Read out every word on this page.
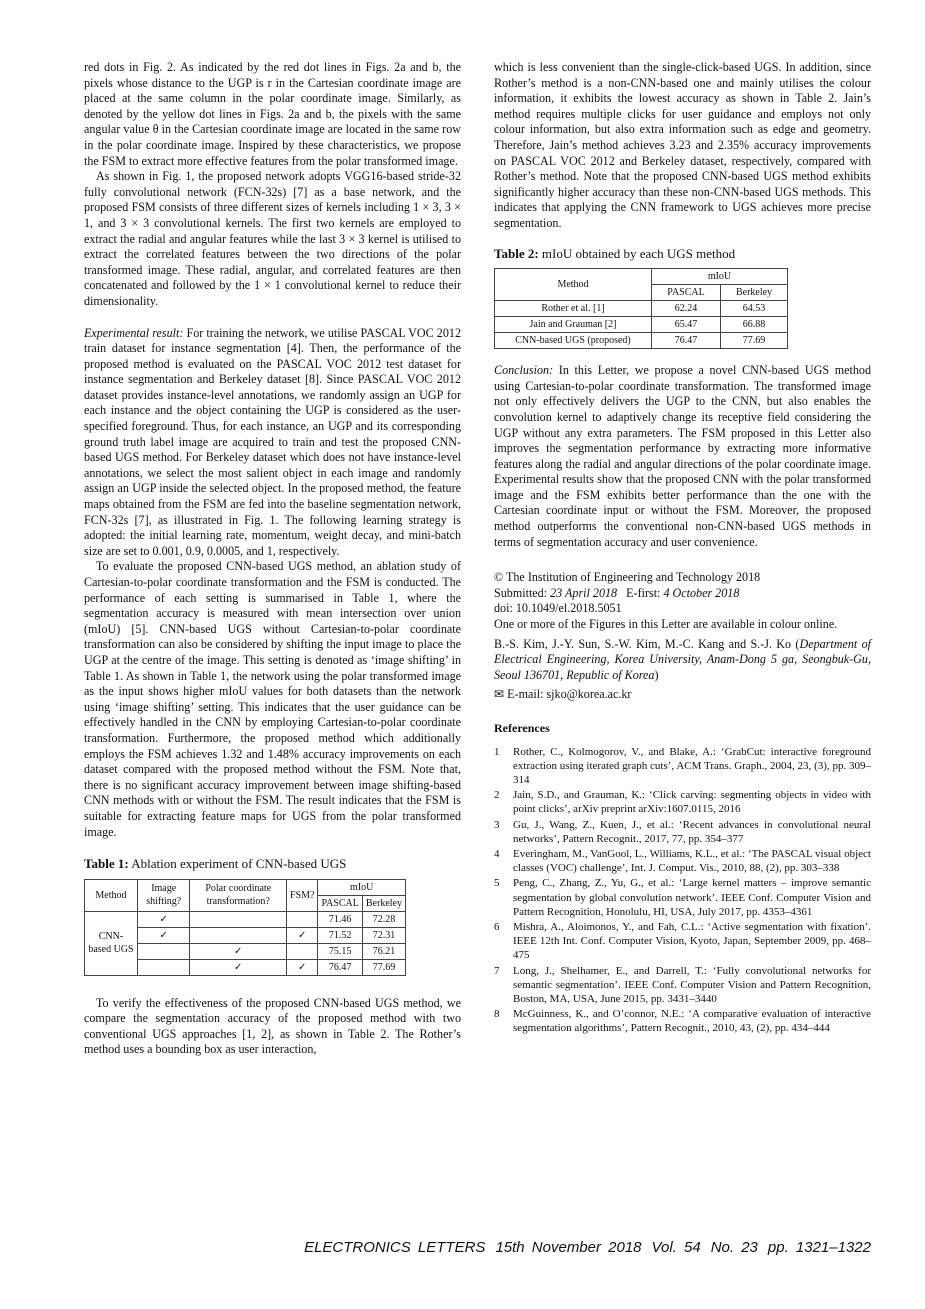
red dots in Fig. 2. As indicated by the red dot lines in Figs. 2a and b, the pixels whose distance to the UGP is r in the Cartesian coordinate image are placed at the same column in the polar coordinate image. Similarly, as denoted by the yellow dot lines in Figs. 2a and b, the pixels with the same angular value θ in the Cartesian coordinate image are located in the same row in the polar coordinate image. Inspired by these characteristics, we propose the FSM to extract more effective features from the polar transformed image.

As shown in Fig. 1, the proposed network adopts VGG16-based stride-32 fully convolutional network (FCN-32s) [7] as a base network, and the proposed FSM consists of three different sizes of kernels including 1 × 3, 3 × 1, and 3 × 3 convolutional kernels. The first two kernels are employed to extract the radial and angular features while the last 3 × 3 kernel is utilised to extract the correlated features between the two directions of the polar transformed image. These radial, angular, and correlated features are then concatenated and followed by the 1 × 1 convolutional kernel to reduce their dimensionality.

Experimental result: For training the network, we utilise PASCAL VOC 2012 train dataset for instance segmentation [4]. Then, the performance of the proposed method is evaluated on the PASCAL VOC 2012 test dataset for instance segmentation and Berkeley dataset [8]. Since PASCAL VOC 2012 dataset provides instance-level annotations, we randomly assign an UGP for each instance and the object containing the UGP is considered as the user-specified foreground. Thus, for each instance, an UGP and its corresponding ground truth label image are acquired to train and test the proposed CNN-based UGS method. For Berkeley dataset which does not have instance-level annotations, we select the most salient object in each image and randomly assign an UGP inside the selected object. In the proposed method, the feature maps obtained from the FSM are fed into the baseline segmentation network, FCN-32s [7], as illustrated in Fig. 1. The following learning strategy is adopted: the initial learning rate, momentum, weight decay, and mini-batch size are set to 0.001, 0.9, 0.0005, and 1, respectively.

To evaluate the proposed CNN-based UGS method, an ablation study of Cartesian-to-polar coordinate transformation and the FSM is conducted. The performance of each setting is summarised in Table 1, where the segmentation accuracy is measured with mean intersection over union (mIoU) [5]. CNN-based UGS without Cartesian-to-polar coordinate transformation can also be considered by shifting the input image to place the UGP at the centre of the image. This setting is denoted as ‘image shifting’ in Table 1. As shown in Table 1, the network using the polar transformed image as the input shows higher mIoU values for both datasets than the network using ‘image shifting’ setting. This indicates that the user guidance can be effectively handled in the CNN by employing Cartesian-to-polar coordinate transformation. Furthermore, the proposed method which additionally employs the FSM achieves 1.32 and 1.48% accuracy improvements on each dataset compared with the proposed method without the FSM. Note that, there is no significant accuracy improvement between image shifting-based CNN methods with or without the FSM. The result indicates that the FSM is suitable for extracting feature maps for UGS from the polar transformed image.

Table 1: Ablation experiment of CNN-based UGS
Method	Image shifting?	Polar coordinate transformation?	FSM?	mIoU	
				PASCAL	Berkeley
CNN-based UGS	✓			71.46	72.28
	✓		✓	71.52	72.31
		✓		75.15	76.21
		✓	✓	76.47	77.69

To verify the effectiveness of the proposed CNN-based UGS method, we compare the segmentation accuracy of the proposed method with two conventional UGS approaches [1, 2], as shown in Table 2. The Rother’s method uses a bounding box as user interaction,

which is less convenient than the single-click-based UGS. In addition, since Rother’s method is a non-CNN-based one and mainly utilises the colour information, it exhibits the lowest accuracy as shown in Table 2. Jain’s method requires multiple clicks for user guidance and employs not only colour information, but also extra information such as edge and geometry. Therefore, Jain’s method achieves 3.23 and 2.35% accuracy improvements on PASCAL VOC 2012 and Berkeley dataset, respectively, compared with Rother’s method. Note that the proposed CNN-based UGS method exhibits significantly higher accuracy than these non-CNN-based UGS methods. This indicates that applying the CNN framework to UGS achieves more precise segmentation.

Table 2: mIoU obtained by each UGS method
Method	mIoU	
	PASCAL	Berkeley
Rother et al. [1]	62.24	64.53
Jain and Grauman [2]	65.47	66.88
CNN-based UGS (proposed)	76.47	77.69

Conclusion: In this Letter, we propose a novel CNN-based UGS method using Cartesian-to-polar coordinate transformation. The transformed image not only effectively delivers the UGP to the CNN, but also enables the convolution kernel to adaptively change its receptive field considering the UGP without any extra parameters. The FSM proposed in this Letter also improves the segmentation performance by extracting more informative features along the radial and angular directions of the polar coordinate image. Experimental results show that the proposed CNN with the polar transformed image and the FSM exhibits better performance than the one with the Cartesian coordinate input or without the FSM. Moreover, the proposed method outperforms the conventional non-CNN-based UGS methods in terms of segmentation accuracy and user convenience.

© The Institution of Engineering and Technology 2018

Submitted: 23 April 2018   E-first: 4 October 2018

doi: 10.1049/el.2018.5051

One or more of the Figures in this Letter are available in colour online.

B.-S. Kim, J.-Y. Sun, S.-W. Kim, M.-C. Kang and S.-J. Ko (Department of Electrical Engineering, Korea University, Anam-Dong 5 ga, Seongbuk-Gu, Seoul 136701, Republic of Korea)

✉ E-mail: sjko@korea.ac.kr

References
1	Rother, C., Kolmogorov, V., and Blake, A.: ‘GrabCut: interactive foreground extraction using iterated graph cuts’, ACM Trans. Graph., 2004, 23, (3), pp. 309–314
2	Jain, S.D., and Grauman, K.: ‘Click carving: segmenting objects in video with point clicks’, arXiv preprint arXiv:1607.0115, 2016
3	Gu, J., Wang, Z., Kuen, J., et al.: ‘Recent advances in convolutional neural networks’, Pattern Recognit., 2017, 77, pp. 354–377
4	Everingham, M., VanGool, L., Williams, K.L., et al.: ‘The PASCAL visual object classes (VOC) challenge’, Int. J. Comput. Vis., 2010, 88, (2), pp. 303–338
5	Peng, C., Zhang, Z., Yu, G., et al.: ‘Large kernel matters – improve semantic segmentation by global convolution network’. IEEE Conf. Computer Vision and Pattern Recognition, Honolulu, HI, USA, July 2017, pp. 4353–4361
6	Mishra, A., Aloimonos, Y., and Fah, C.L.: ‘Active segmentation with fixation’. IEEE 12th Int. Conf. Computer Vision, Kyoto, Japan, September 2009, pp. 468–475
7	Long, J., Shelhamer, E., and Darrell, T.: ‘Fully convolutional networks for semantic segmentation’. IEEE Conf. Computer Vision and Pattern Recognition, Boston, MA, USA, June 2015, pp. 3431–3440
8	McGuinness, K., and O’connor, N.E.: ‘A comparative evaluation of interactive segmentation algorithms’, Pattern Recognit., 2010, 43, (2), pp. 434–444
ELECTRONICS LETTERS 15th November 2018 Vol. 54 No. 23 pp. 1321–1322
